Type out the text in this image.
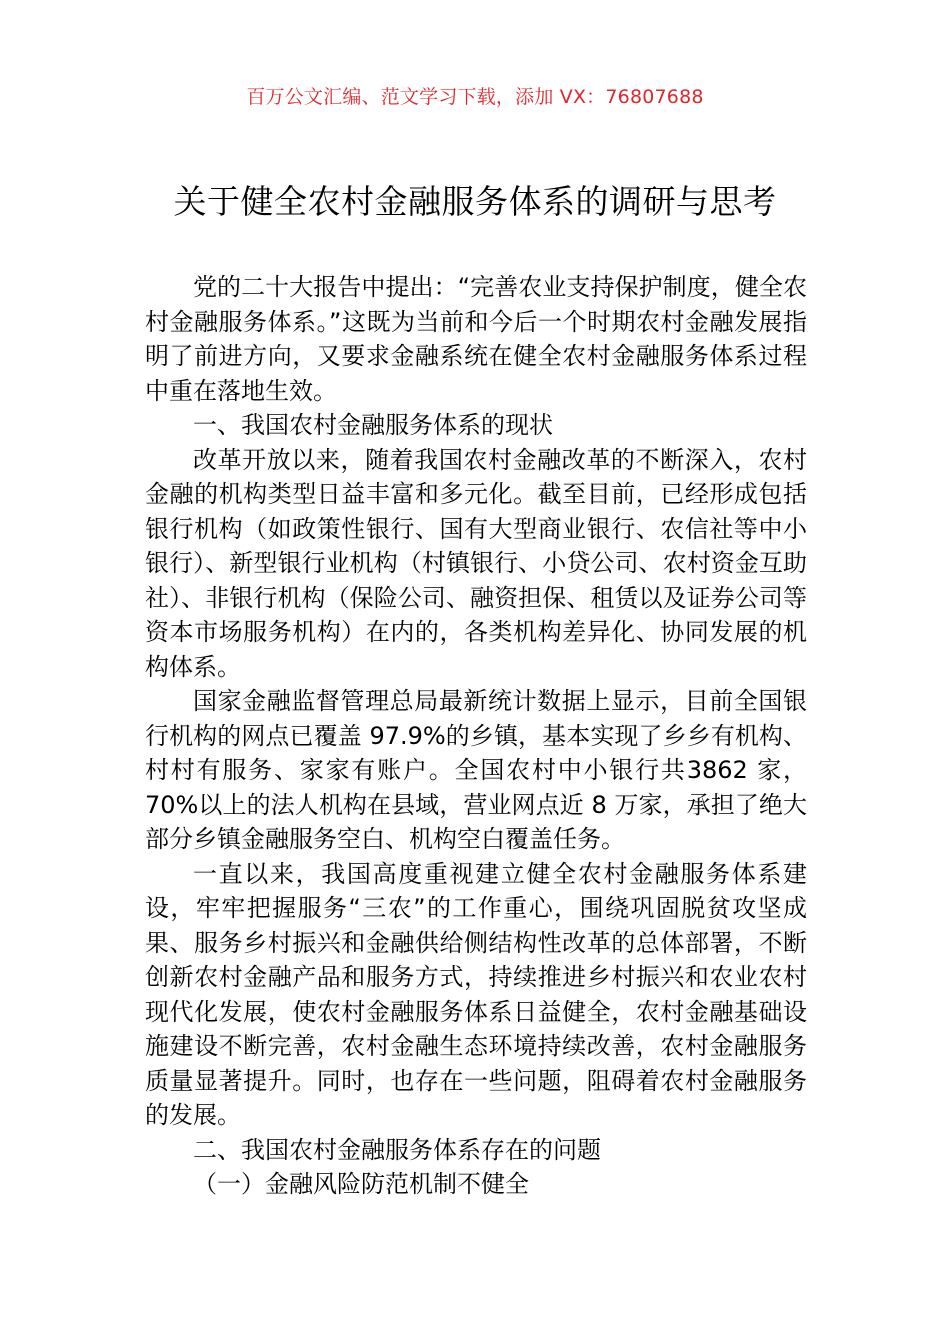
百万公文汇编、范文学习下载，添加 VX：76807688
关于健全农村金融服务体系的调研与思考

党的二十大报告中提出：“完善农业支持保护制度，健全农村金融服务体系。”这既为当前和今后一个时期农村金融发展指明了前进方向，又要求金融系统在健全农村金融服务体系过程中重在落地生效。

一、我国农村金融服务体系的现状

改革开放以来，随着我国农村金融改革的不断深入，农村金融的机构类型日益丰富和多元化。截至目前，已经形成包括银行机构（如政策性银行、国有大型商业银行、农信社等中小银行）、新型银行业机构（村镇银行、小贷公司、农村资金互助社）、非银行机构（保险公司、融资担保、租赁以及证券公司等资本市场服务机构）在内的，各类机构差异化、协同发展的机构体系。

国家金融监督管理总局最新统计数据上显示，目前全国银行机构的网点已覆盖 97.9%的乡镇，基本实现了乡乡有机构、村村有服务、家家有账户。全国农村中小银行共3862 家，70%以上的法人机构在县域，营业网点近 8 万家，承担了绝大部分乡镇金融服务空白、机构空白覆盖任务。

一直以来，我国高度重视建立健全农村金融服务体系建设，牢牢把握服务“三农”的工作重心，围绕巩固脱贫攻坚成果、服务乡村振兴和金融供给侧结构性改革的总体部署，不断创新农村金融产品和服务方式，持续推进乡村振兴和农业农村现代化发展，使农村金融服务体系日益健全，农村金融基础设施建设不断完善，农村金融生态环境持续改善，农村金融服务质量显著提升。同时，也存在一些问题，阻碍着农村金融服务的发展。

二、我国农村金融服务体系存在的问题

（一）金融风险防范机制不健全
